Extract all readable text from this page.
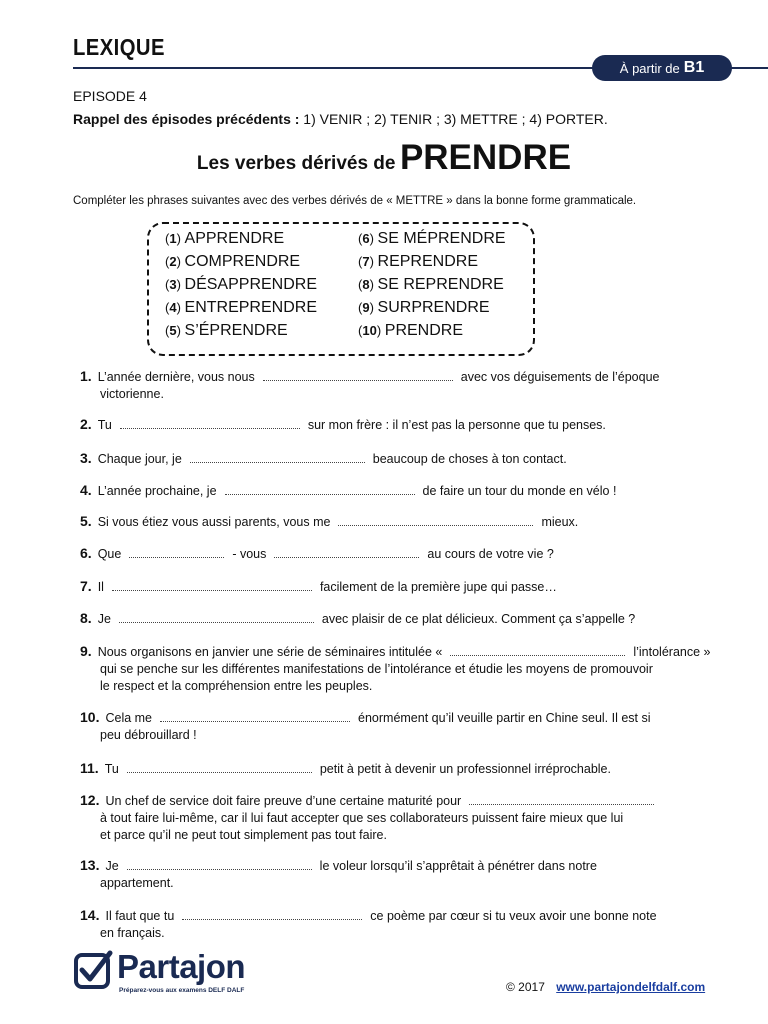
LEXIQUE
À partir de B1
EPISODE 4
Rappel des épisodes précédents : 1) VENIR ; 2) TENIR ; 3) METTRE ; 4) PORTER.
Les verbes dérivés de PRENDRE
Compléter les phrases suivantes avec des verbes dérivés de « METTRE » dans la bonne forme grammaticale.
(1) APPRENDRE
(2) COMPRENDRE
(3) DÉSAPPRENDRE
(4) ENTREPRENDRE
(5) S’ÉPRENDRE
(6) SE MÉPRENDRE
(7) REPRENDRE
(8) SE REPRENDRE
(9) SURPRENDRE
(10) PRENDRE
1. L’année dernière, vous nous	avec vos déguisements de l’époque
victorienne.
2. Tu	sur mon frère : il n’est pas la personne que tu penses.
3. Chaque jour, je	beaucoup de choses à ton contact.
4. L’année prochaine, je	de faire un tour du monde en vélo !
5. Si vous étiez vous aussi parents, vous me	mieux.
6. Que	- vous	au cours de votre vie ?
7. Il	facilement de la première jupe qui passe…
8. Je	avec plaisir de ce plat délicieux. Comment ça s’appelle ?
9. Nous organisons en janvier une série de séminaires intitulée «	l’intolérance »
qui se penche sur les différentes manifestations de l’intolérance et étudie les moyens de promouvoir
le respect et la compréhension entre les peuples.
10. Cela me	énormément qu’il veuille partir en Chine seul. Il est si
peu débrouillard !
11. Tu	petit à petit à devenir un professionnel irréprochable.
12. Un chef de service doit faire preuve d’une certaine maturité pour
à tout faire lui-même, car il lui faut accepter que ses collaborateurs puissent faire mieux que lui
et parce qu’il ne peut tout simplement pas tout faire.
13. Je	le voleur lorsqu’il s’apprêtait à pénétrer dans notre
appartement.
14. Il faut que tu	ce poème par cœur si tu veux avoir une bonne note
en français.
Partajon
Préparez-vous aux examens DELF DALF	© 2017 www.partajondelfdalf.com
